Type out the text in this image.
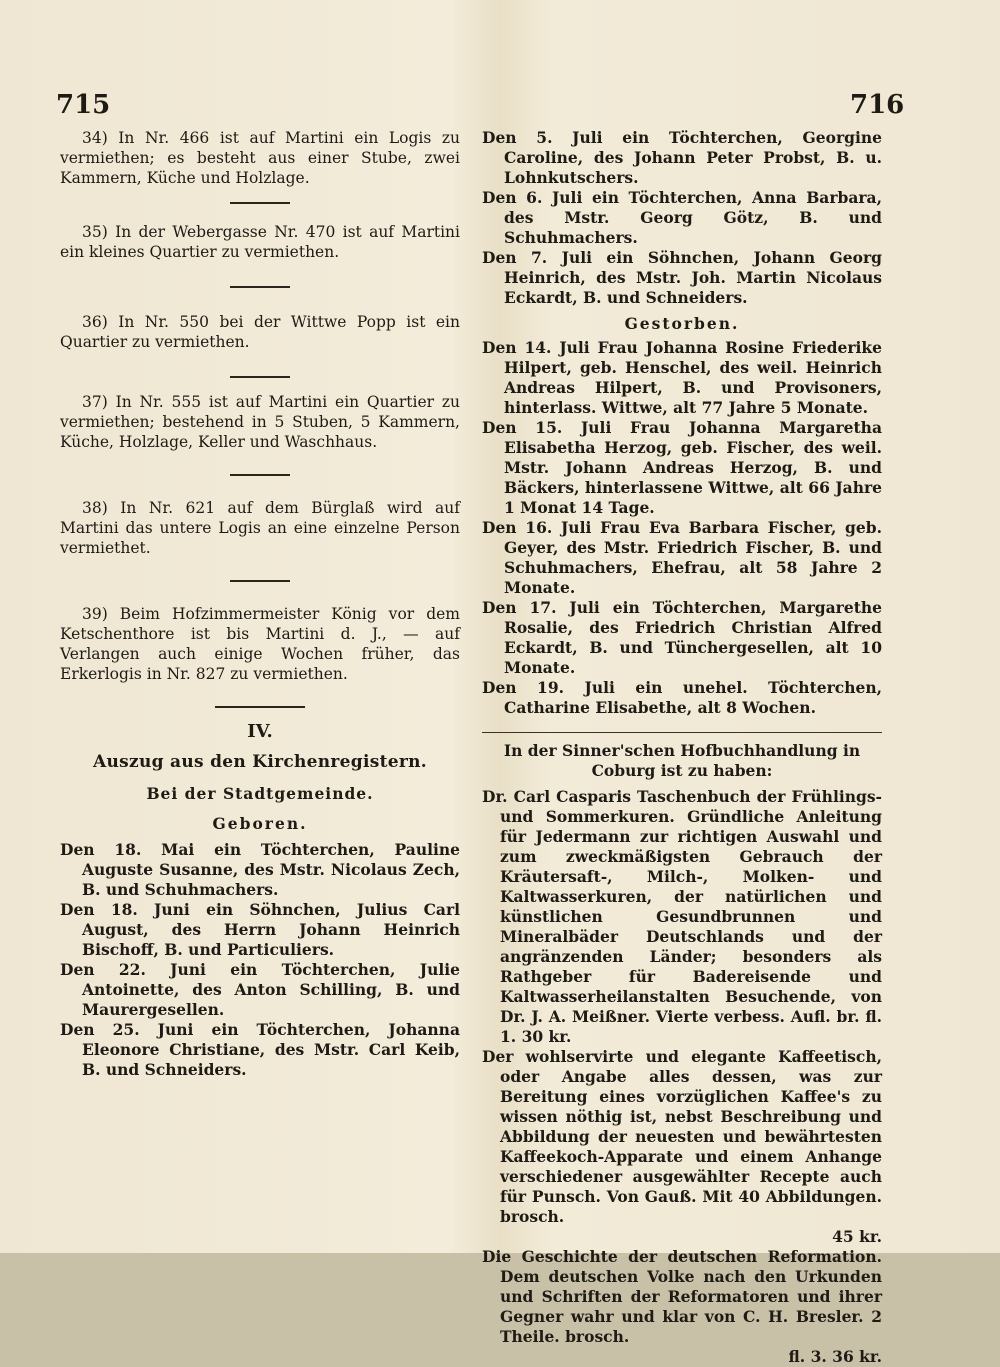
715	716

34) In Nr. 466 ist auf Martini ein Logis zu vermiethen; es besteht aus einer Stube, zwei Kammern, Küche und Holzlage.

35) In der Webergasse Nr. 470 ist auf Martini ein kleines Quartier zu vermiethen.

36) In Nr. 550 bei der Wittwe Popp ist ein Quartier zu vermiethen.

37) In Nr. 555 ist auf Martini ein Quartier zu vermiethen; bestehend in 5 Stuben, 5 Kammern, Küche, Holzlage, Keller und Waschhaus.

38) In Nr. 621 auf dem Bürglaß wird auf Martini das untere Logis an eine einzelne Person vermiethet.

39) Beim Hofzimmermeister König vor dem Ketschenthore ist bis Martini d. J., — auf Verlangen auch einige Wochen früher, das Erkerlogis in Nr. 827 zu vermiethen.

IV.
Auszug aus den Kirchenregistern.
Bei der Stadtgemeinde.
Geboren.

Den 18. Mai ein Töchterchen, Pauline Auguste Susanne, des Mstr. Nicolaus Zech, B. und Schuhmachers.

Den 18. Juni ein Söhnchen, Julius Carl August, des Herrn Johann Heinrich Bischoff, B. und Particuliers.

Den 22. Juni ein Töchterchen, Julie Antoinette, des Anton Schilling, B. und Maurergesellen.

Den 25. Juni ein Töchterchen, Johanna Eleonore Christiane, des Mstr. Carl Keib, B. und Schneiders.

Den 5. Juli ein Töchterchen, Georgine Caroline, des Johann Peter Probst, B. u. Lohnkutschers.

Den 6. Juli ein Töchterchen, Anna Barbara, des Mstr. Georg Götz, B. und Schuhmachers.

Den 7. Juli ein Söhnchen, Johann Georg Heinrich, des Mstr. Joh. Martin Nicolaus Eckardt, B. und Schneiders.

Gestorben.

Den 14. Juli Frau Johanna Rosine Friederike Hilpert, geb. Henschel, des weil. Heinrich Andreas Hilpert, B. und Provisoners, hinterlass. Wittwe, alt 77 Jahre 5 Monate.

Den 15. Juli Frau Johanna Margaretha Elisabetha Herzog, geb. Fischer, des weil. Mstr. Johann Andreas Herzog, B. und Bäckers, hinterlassene Wittwe, alt 66 Jahre 1 Monat 14 Tage.

Den 16. Juli Frau Eva Barbara Fischer, geb. Geyer, des Mstr. Friedrich Fischer, B. und Schuhmachers, Ehefrau, alt 58 Jahre 2 Monate.

Den 17. Juli ein Töchterchen, Margarethe Rosalie, des Friedrich Christian Alfred Eckardt, B. und Tünchergesellen, alt 10 Monate.

Den 19. Juli ein unehel. Töchterchen, Catharine Elisabethe, alt 8 Wochen.

In der Sinner'schen Hofbuchhandlung in Coburg ist zu haben:

Dr. Carl Casparis Taschenbuch der Frühlings- und Sommerkuren. Gründliche Anleitung für Jedermann zur richtigen Auswahl und zum zweckmäßigsten Gebrauch der Kräutersaft-, Milch-, Molken- und Kaltwasserkuren, der natürlichen und künstlichen Gesundbrunnen und Mineralbäder Deutschlands und der angränzenden Länder; besonders als Rathgeber für Badereisende und Kaltwasserheilanstalten Besuchende, von Dr. J. A. Meißner. Vierte verbess. Aufl. br. fl. 1. 30 kr.

Der wohlservirte und elegante Kaffeetisch, oder Angabe alles dessen, was zur Bereitung eines vorzüglichen Kaffee's zu wissen nöthig ist, nebst Beschreibung und Abbildung der neuesten und bewährtesten Kaffeekoch-Apparate und einem Anhange verschiedener ausgewählter Recepte auch für Punsch. Von Gauß. Mit 40 Abbildungen. brosch.

45 kr.

Die Geschichte der deutschen Reformation. Dem deutschen Volke nach den Urkunden und Schriften der Reformatoren und ihrer Gegner wahr und klar von C. H. Bresler. 2 Theile. brosch.

fl. 3. 36 kr.
